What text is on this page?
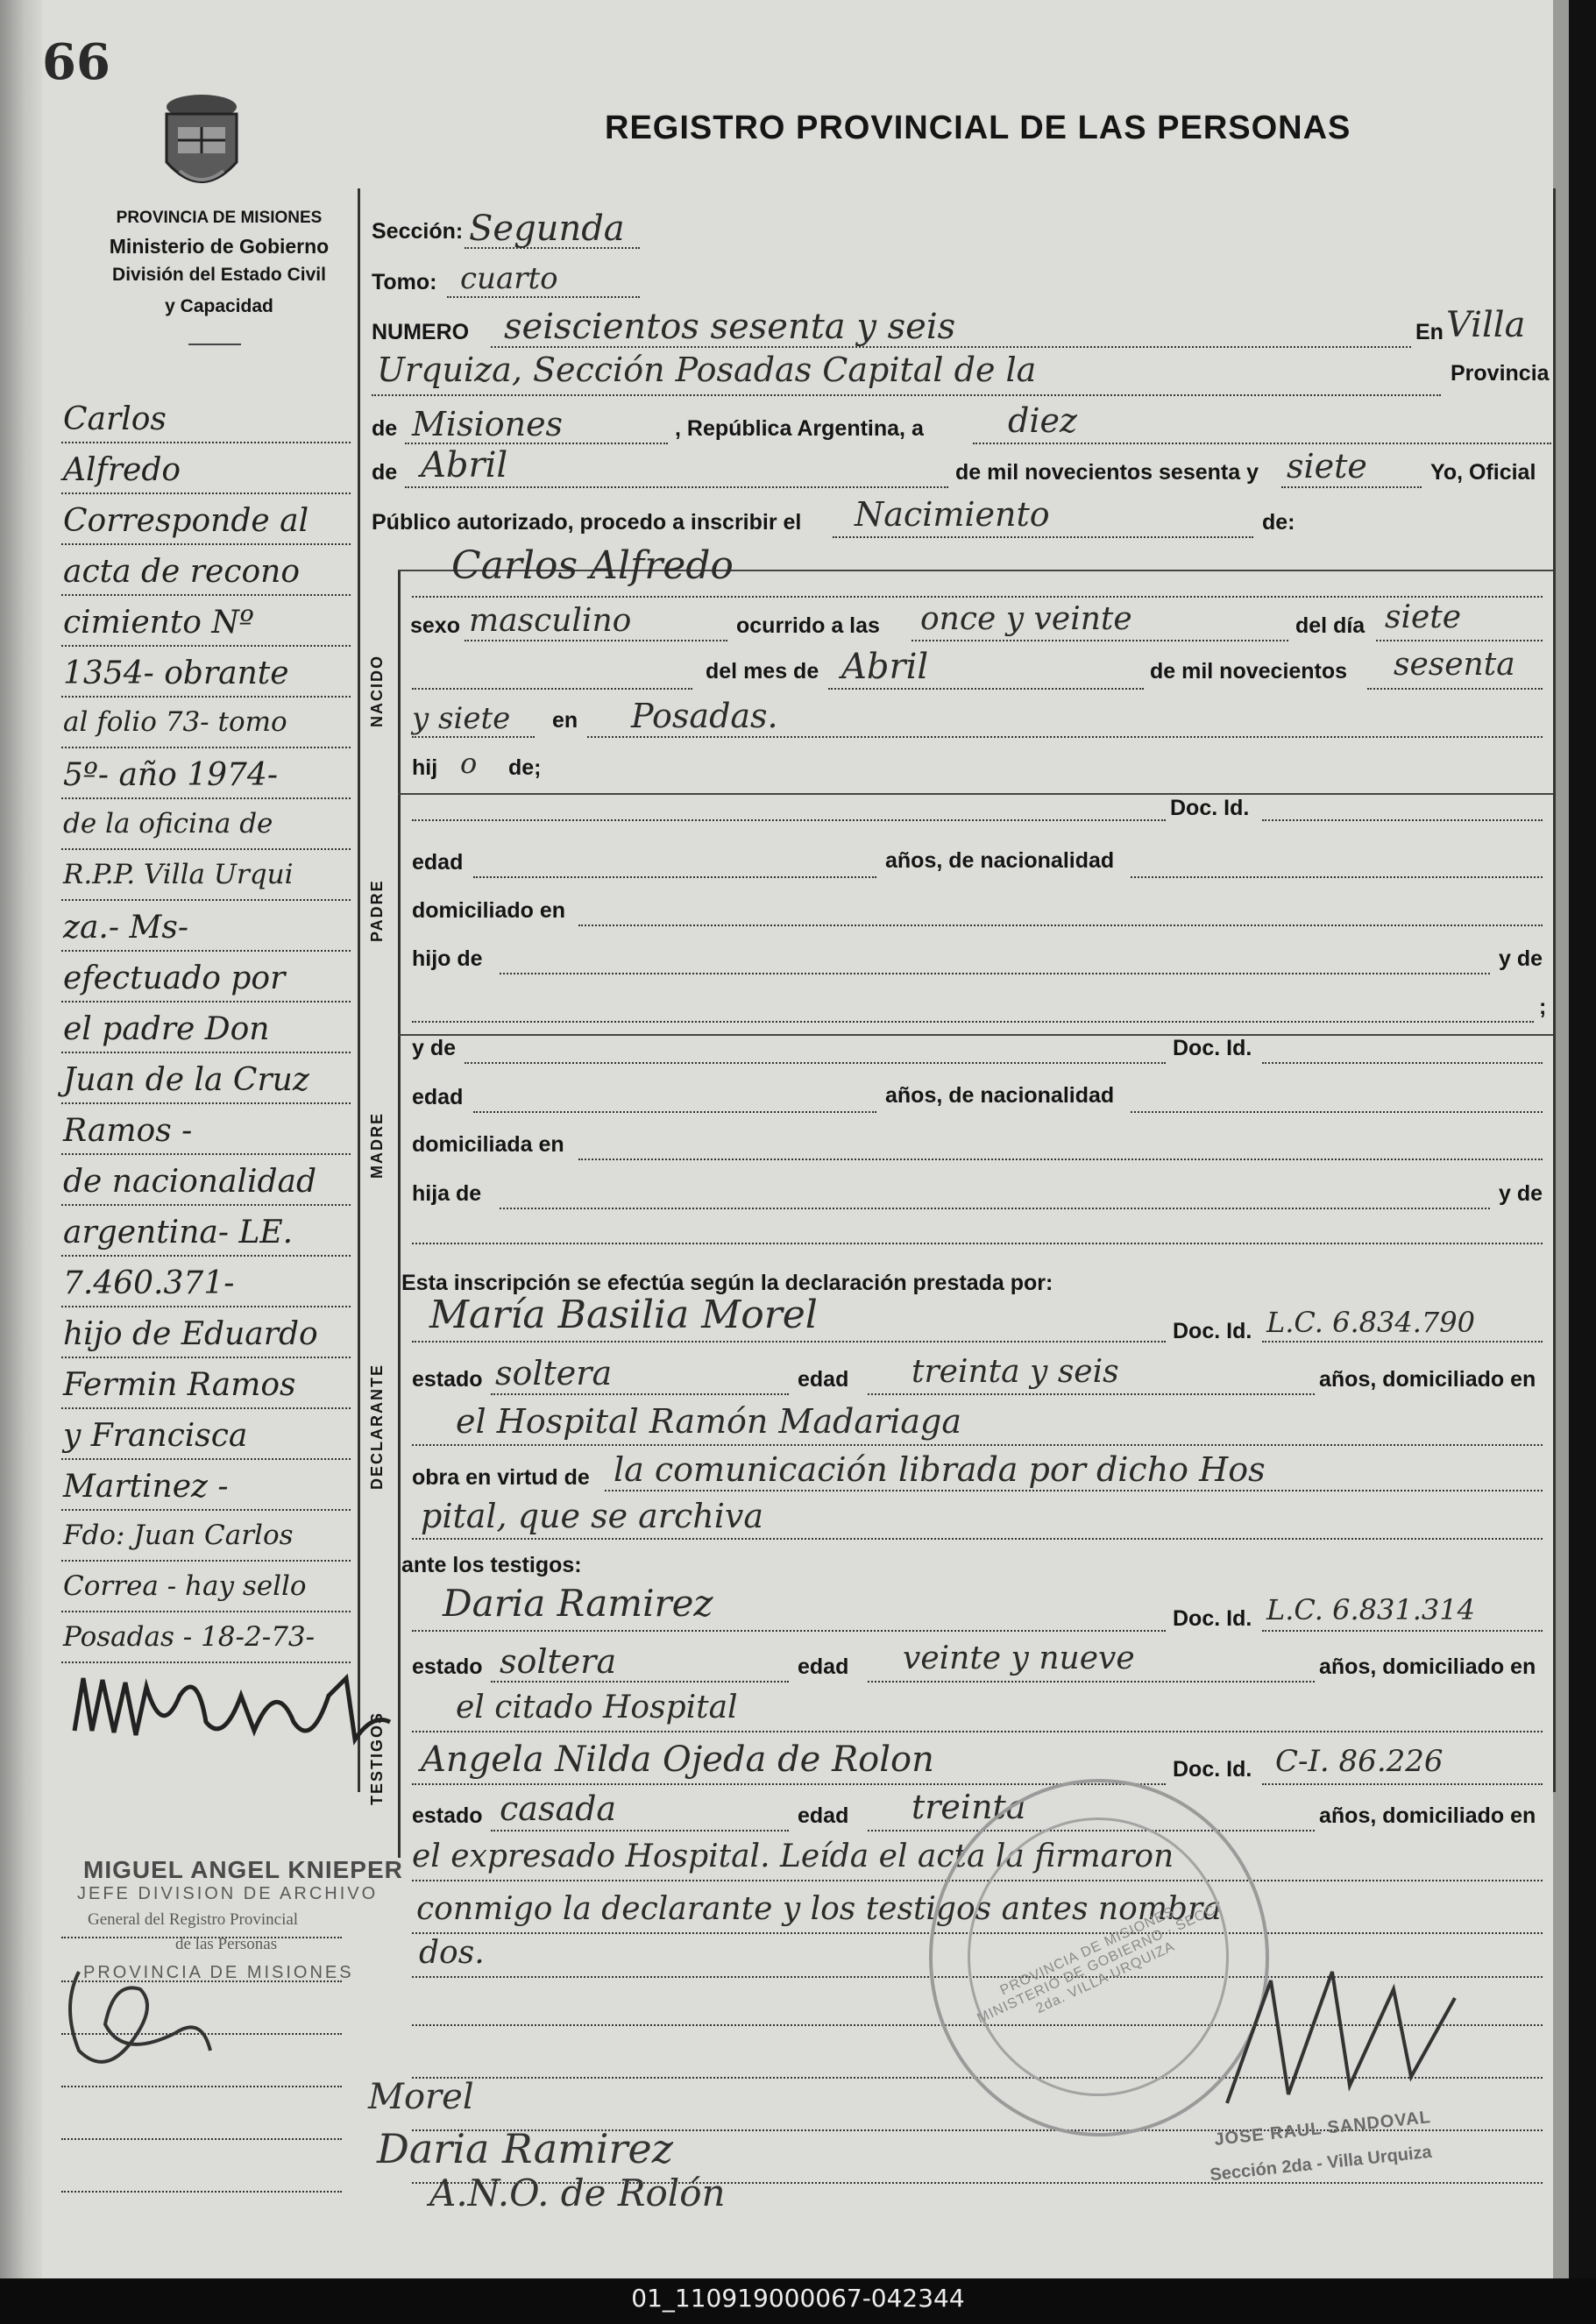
66
PROVINCIA DE MISIONES
Ministerio de Gobierno
División del Estado Civil
y Capacidad
REGISTRO PROVINCIAL DE LAS PERSONAS
Carlos
Alfredo
Corresponde al
acta de recono
cimiento Nº
1354- obrante
al folio 73- tomo
5º- año 1974-
de la oficina de
R.P.P. Villa Urqui
za.- Ms-
efectuado por
el padre Don
Juan de la Cruz
Ramos -
de nacionalidad
argentina- LE.
7.460.371-
hijo de Eduardo
Fermin Ramos
y Francisca
Martinez -
Fdo: Juan Carlos
Correa - hay sello
Posadas - 18-2-73-
Sección: Segunda
Tomo: cuarto
NUMERO seiscientos sesenta y seis	En Villa
Urquiza, Sección Posadas Capital de la	Provincia
de Misiones	, República Argentina, a	diez
de Abril	de mil novecientos sesenta y siete	Yo, Oficial
Público autorizado, procedo a inscribir el Nacimiento	de:
NACIDO
Carlos Alfredo
sexo masculino	ocurrido a las once y veinte	del día siete
del mes de Abril	de mil novecientos sesenta
y siete en Posadas.
hij o de;
PADRE
Doc. Id.
edad	años, de nacionalidad
domiciliado en
hijo de	y de
;
MADRE
y de	Doc. Id.
edad	años, de nacionalidad
domiciliada en
hija de	y de
Esta inscripción se efectúa según la declaración prestada por:
DECLARANTE
María Basilia Morel	Doc. Id. L.C. 6.834.790
estado soltera	edad treinta y seis	años, domiciliado en
el Hospital Ramón Madariaga
obra en virtud de la comunicación librada por dicho Hos
pital, que se archiva
ante los testigos:
TESTIGOS
Daria Ramirez	Doc. Id. L.C. 6.831.314
estado soltera	edad veinte y nueve	años, domiciliado en
el citado Hospital
Angela Nilda Ojeda de Rolon	Doc. Id. C-I. 86.226
estado casada	edad treinta	años, domiciliado en
el expresado Hospital. Leída el acta la firmaron
conmigo la declarante y los testigos antes nombra
dos.
MIGUEL ANGEL KNIEPER
JEFE DIVISION DE ARCHIVO
General del Registro Provincial
de las Personas
PROVINCIA DE MISIONES	PROVINCIA DE MISIONES · MINISTERIO DE GOBIERNO · SECC. 2da. VILLA URQUIZA
JOSE RAUL SANDOVAL
Sección 2da - Villa Urquiza
Morel
Daria Ramirez
A.N.O. de Rolón
01_110919000067-042344
